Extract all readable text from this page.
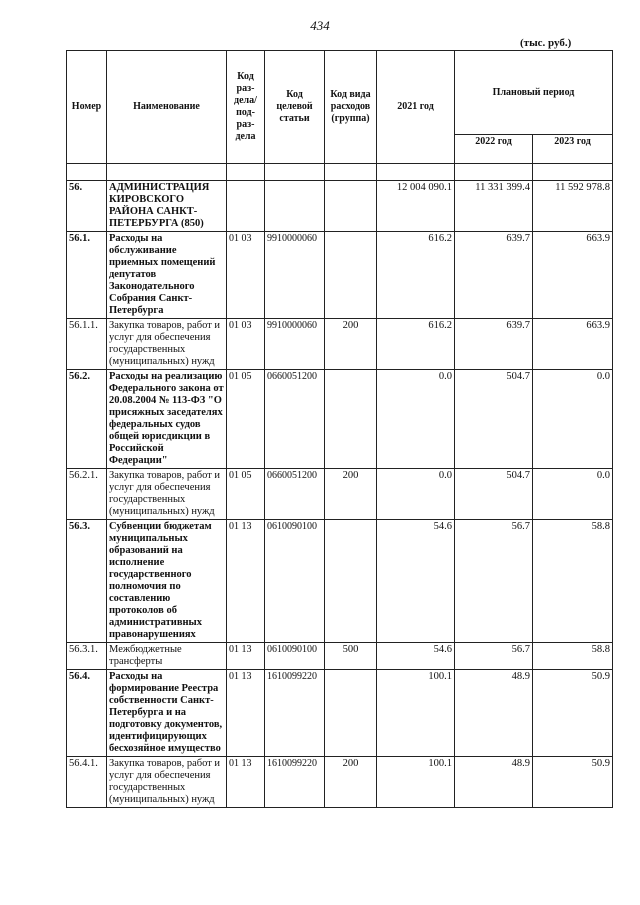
434
(тыс. руб.)
Номер	Наименование	Код раз- дела/ под- раз- дела	Код целевой статьи	Код вида расходов (группа)	2021 год	Плановый период	
						2022 год	2023 год

56.	АДМИНИСТРАЦИЯ КИРОВСКОГО РАЙОНА САНКТ-ПЕТЕРБУРГА (850)				12 004 090.1	11 331 399.4	11 592 978.8
56.1.	Расходы на обслуживание приемных помещений депутатов Законодательного Собрания Санкт-Петербурга	01 03	9910000060		616.2	639.7	663.9
56.1.1.	Закупка товаров, работ и услуг для обеспечения государственных (муниципальных) нужд	01 03	9910000060	200	616.2	639.7	663.9
56.2.	Расходы на реализацию Федерального закона от 20.08.2004 № 113-ФЗ "О присяжных заседателях федеральных судов общей юрисдикции в Российской Федерации"	01 05	0660051200		0.0	504.7	0.0
56.2.1.	Закупка товаров, работ и услуг для обеспечения государственных (муниципальных) нужд	01 05	0660051200	200	0.0	504.7	0.0
56.3.	Субвенции бюджетам муниципальных образований на исполнение государственного полномочия по составлению протоколов об административных правонарушениях	01 13	0610090100		54.6	56.7	58.8
56.3.1.	Межбюджетные трансферты	01 13	0610090100	500	54.6	56.7	58.8
56.4.	Расходы на формирование Реестра собственности Санкт-Петербурга и на подготовку документов, идентифицирующих бесхозяйное имущество	01 13	1610099220		100.1	48.9	50.9
56.4.1.	Закупка товаров, работ и услуг для обеспечения государственных (муниципальных) нужд	01 13	1610099220	200	100.1	48.9	50.9
